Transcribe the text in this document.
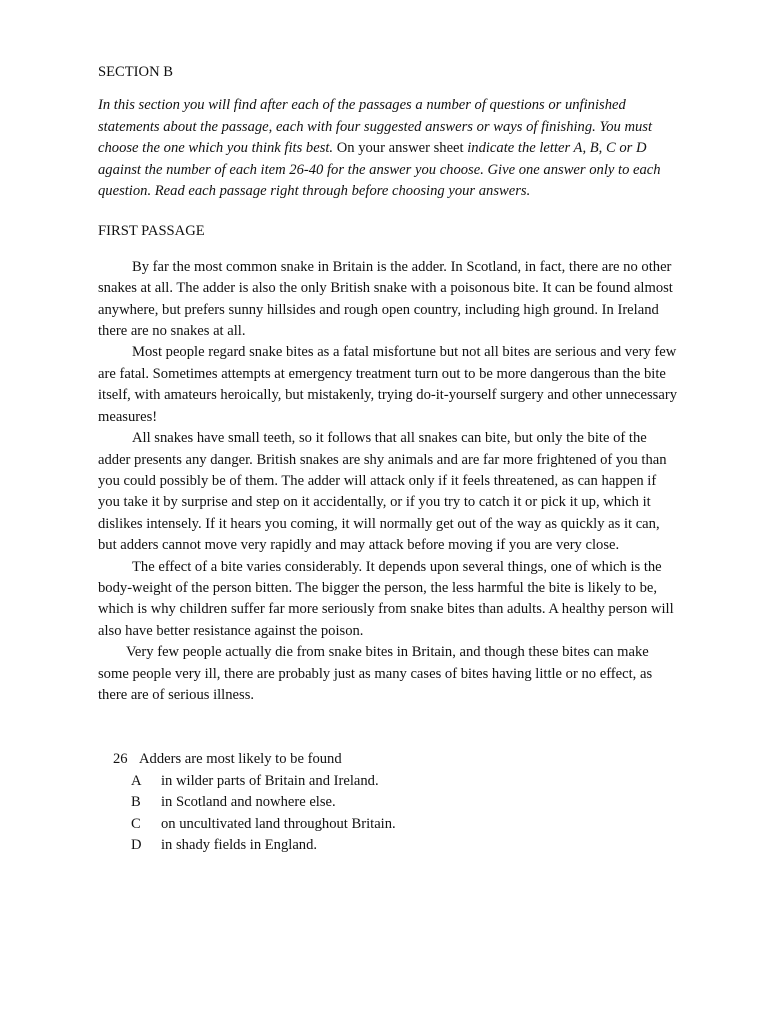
SECTION B

In this section you will find after each of the passages a number of questions or unfinished statements about the passage, each with four suggested answers or ways of finishing. You must choose the one which you think fits best. On your answer sheet indicate the letter A, B, C or D against the number of each item 26-40 for the answer you choose. Give one answer only to each question. Read each passage right through before choosing your answers.

FIRST PASSAGE

By far the most common snake in Britain is the adder. In Scotland, in fact, there are no other snakes at all. The adder is also the only British snake with a poisonous bite. It can be found almost anywhere, but prefers sunny hillsides and rough open country, including high ground. In Ireland there are no snakes at all.

Most people regard snake bites as a fatal misfortune but not all bites are serious and very few are fatal. Sometimes attempts at emergency treatment turn out to be more dangerous than the bite itself, with amateurs heroically, but mistakenly, trying do-it-yourself surgery and other unnecessary measures!

All snakes have small teeth, so it follows that all snakes can bite, but only the bite of the adder presents any danger. British snakes are shy animals and are far more frightened of you than you could possibly be of them. The adder will attack only if it feels threatened, as can happen if you take it by surprise and step on it accidentally, or if you try to catch it or pick it up, which it dislikes intensely. If it hears you coming, it will normally get out of the way as quickly as it can, but adders cannot move very rapidly and may attack before moving if you are very close.

The effect of a bite varies considerably. It depends upon several things, one of which is the body-weight of the person bitten. The bigger the person, the less harmful the bite is likely to be, which is why children suffer far more seriously from snake bites than adults. A healthy person will also have better resistance against the poison.

Very few people actually die from snake bites in Britain, and though these bites can make some people very ill, there are probably just as many cases of bites having little or no effect, as there are of serious illness.

26 Adders are most likely to be found
A	in wilder parts of Britain and Ireland.
B	in Scotland and nowhere else.
C	on uncultivated land throughout Britain.
D	in shady fields in England.
